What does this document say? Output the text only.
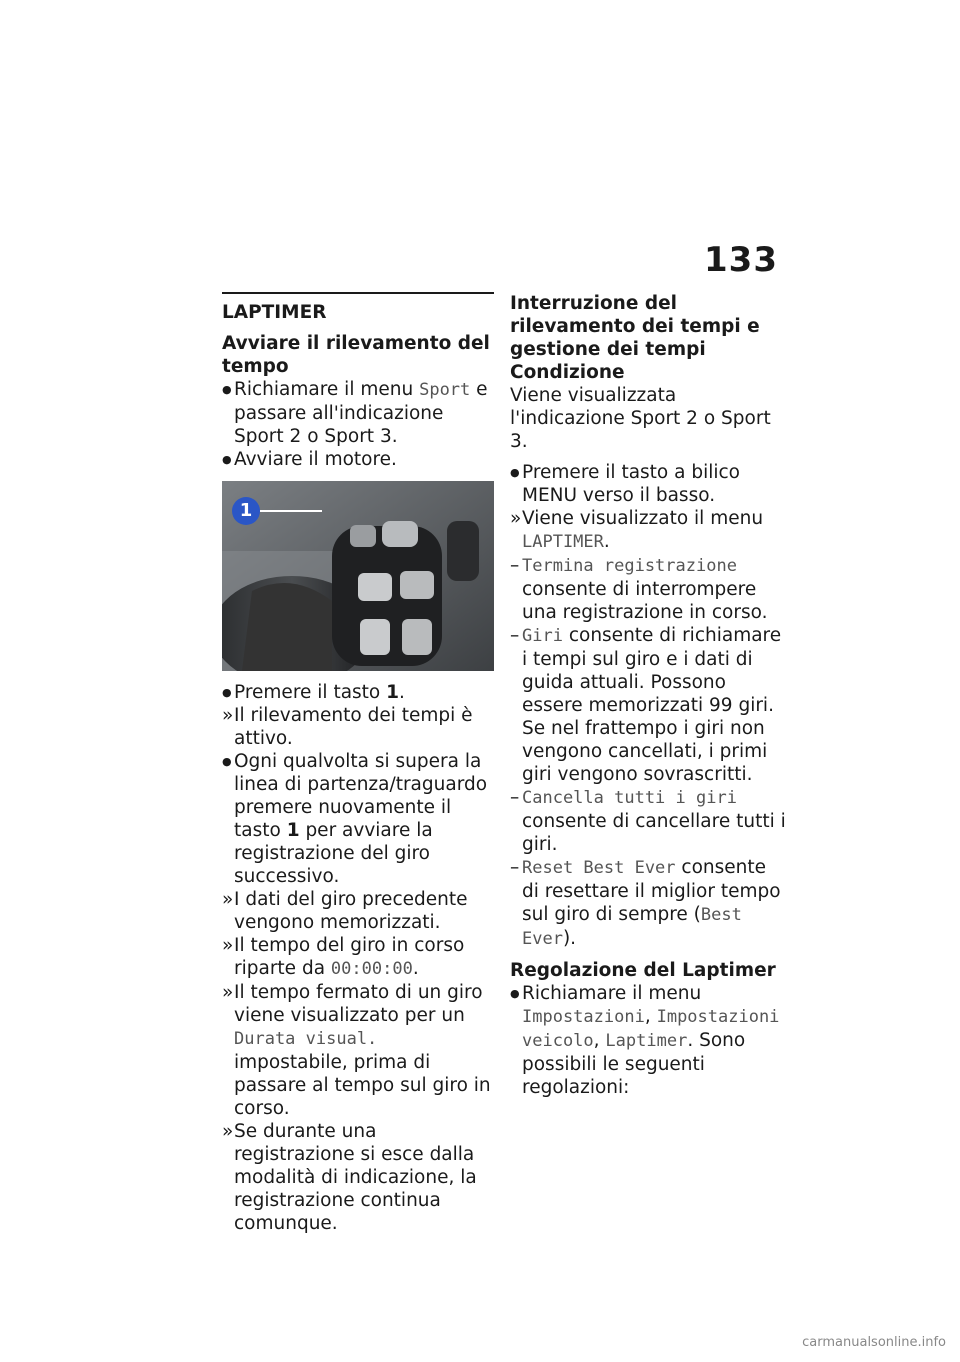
133
LAPTIMER
Avviare il rilevamento del tempo
● Richiamare il menu Sport e passare all'indicazione Sport 2 o Sport 3.
● Avviare il motore.
1
● Premere il tasto 1.
» Il rilevamento dei tempi è attivo.
● Ogni qualvolta si supera la linea di partenza/traguardo premere nuovamente il tasto 1 per avviare la registrazione del giro successivo.
» I dati del giro precedente vengono memorizzati.
» Il tempo del giro in corso riparte da 00:00:00.
» Il tempo fermato di un giro viene visualizzato per un Durata visual. impostabile, prima di passare al tempo sul giro in corso.
» Se durante una registrazione si esce dalla modalità di indicazione, la registrazione continua comunque.
Interruzione del rilevamento dei tempi e gestione dei tempi
Condizione
Viene visualizzata l'indicazione Sport 2 o Sport 3.
● Premere il tasto a bilico MENU verso il basso.
» Viene visualizzato il menu LAPTIMER.
– Termina registrazione consente di interrompere una registrazione in corso.
– Giri consente di richiamare i tempi sul giro e i dati di guida attuali. Possono essere memorizzati 99 giri. Se nel frattempo i giri non vengono cancellati, i primi giri vengono sovrascritti.
– Cancella tutti i giri consente di cancellare tutti i giri.
– Reset Best Ever consente di resettare il miglior tempo sul giro di sempre (Best Ever).
Regolazione del Laptimer
● Richiamare il menu Impostazioni, Impostazioni veicolo, Laptimer. Sono possibili le seguenti regolazioni:
carmanualsonline.info
